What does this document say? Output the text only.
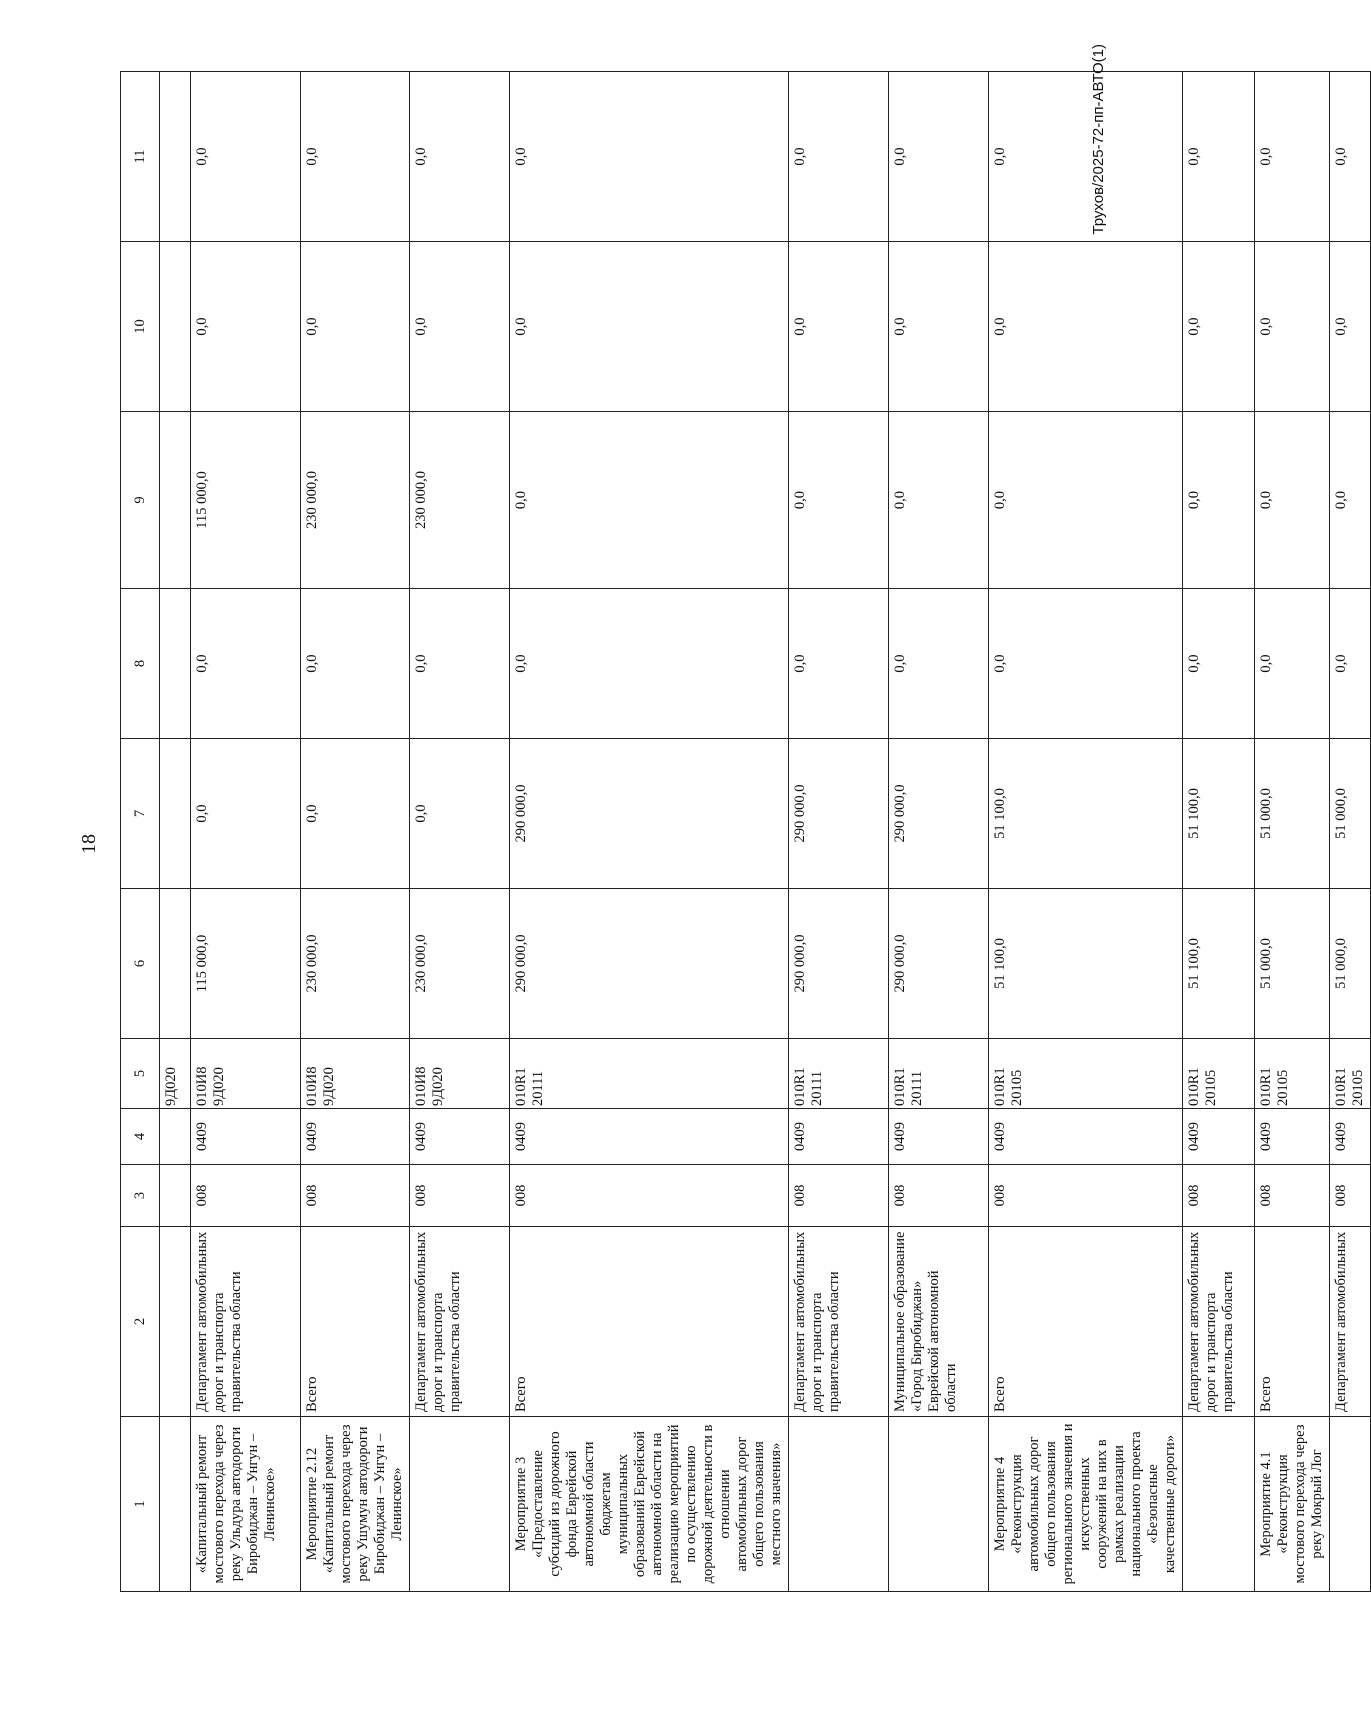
18
1	2	3	4	5	6	7	8	9	10	11
				9Д020						
«Капитальный ремонт мостового перехода через реку Ульдура автодороги Биробиджан – Унгун – Ленинское»	Департамент автомобильных дорог и транспорта правительства области	008	0409	010И8 9Д020	115 000,0	0,0	0,0	115 000,0	0,0	0,0
Мероприятие 2.12 «Капитальный ремонт мостового перехода через реку Ушумун автодороги Биробиджан – Унгун – Ленинское»	Всего	008	0409	010И8 9Д020	230 000,0	0,0	0,0	230 000,0	0,0	0,0
	Департамент автомобильных дорог и транспорта правительства области	008	0409	010И8 9Д020	230 000,0	0,0	0,0	230 000,0	0,0	0,0
Мероприятие 3 «Предоставление субсидий из дорожного фонда Еврейской автономной области бюджетам муниципальных образований Еврейской автономной области на реализацию мероприятий по осуществлению дорожной деятельности в отношении автомобильных дорог общего пользования местного значения»	Всего	008	0409	010R1 20111	290 000,0	290 000,0	0,0	0,0	0,0	0,0
	Департамент автомобильных дорог и транспорта правительства области	008	0409	010R1 20111	290 000,0	290 000,0	0,0	0,0	0,0	0,0
	Муниципальное образование «Город Биробиджан» Еврейской автономной области	008	0409	010R1 20111	290 000,0	290 000,0	0,0	0,0	0,0	0,0
Мероприятие 4 «Реконструкция автомобильных дорог общего пользования регионального значения и искусственных сооружений на них в рамках реализации национального проекта «Безопасные качественные дороги»	Всего	008	0409	010R1 20105	51 100,0	51 100,0	0,0	0,0	0,0	0,0
	Департамент автомобильных дорог и транспорта правительства области	008	0409	010R1 20105	51 100,0	51 100,0	0,0	0,0	0,0	0,0
Мероприятие 4.1 «Реконструкция мостового перехода через реку Мокрый Лог	Всего	008	0409	010R1 20105	51 000,0	51 000,0	0,0	0,0	0,0	0,0
	Департамент автомобильных	008	0409	010R1 20105	51 000,0	51 000,0	0,0	0,0	0,0	0,0
Трухов/2025-72-пп-АВТО(1)
